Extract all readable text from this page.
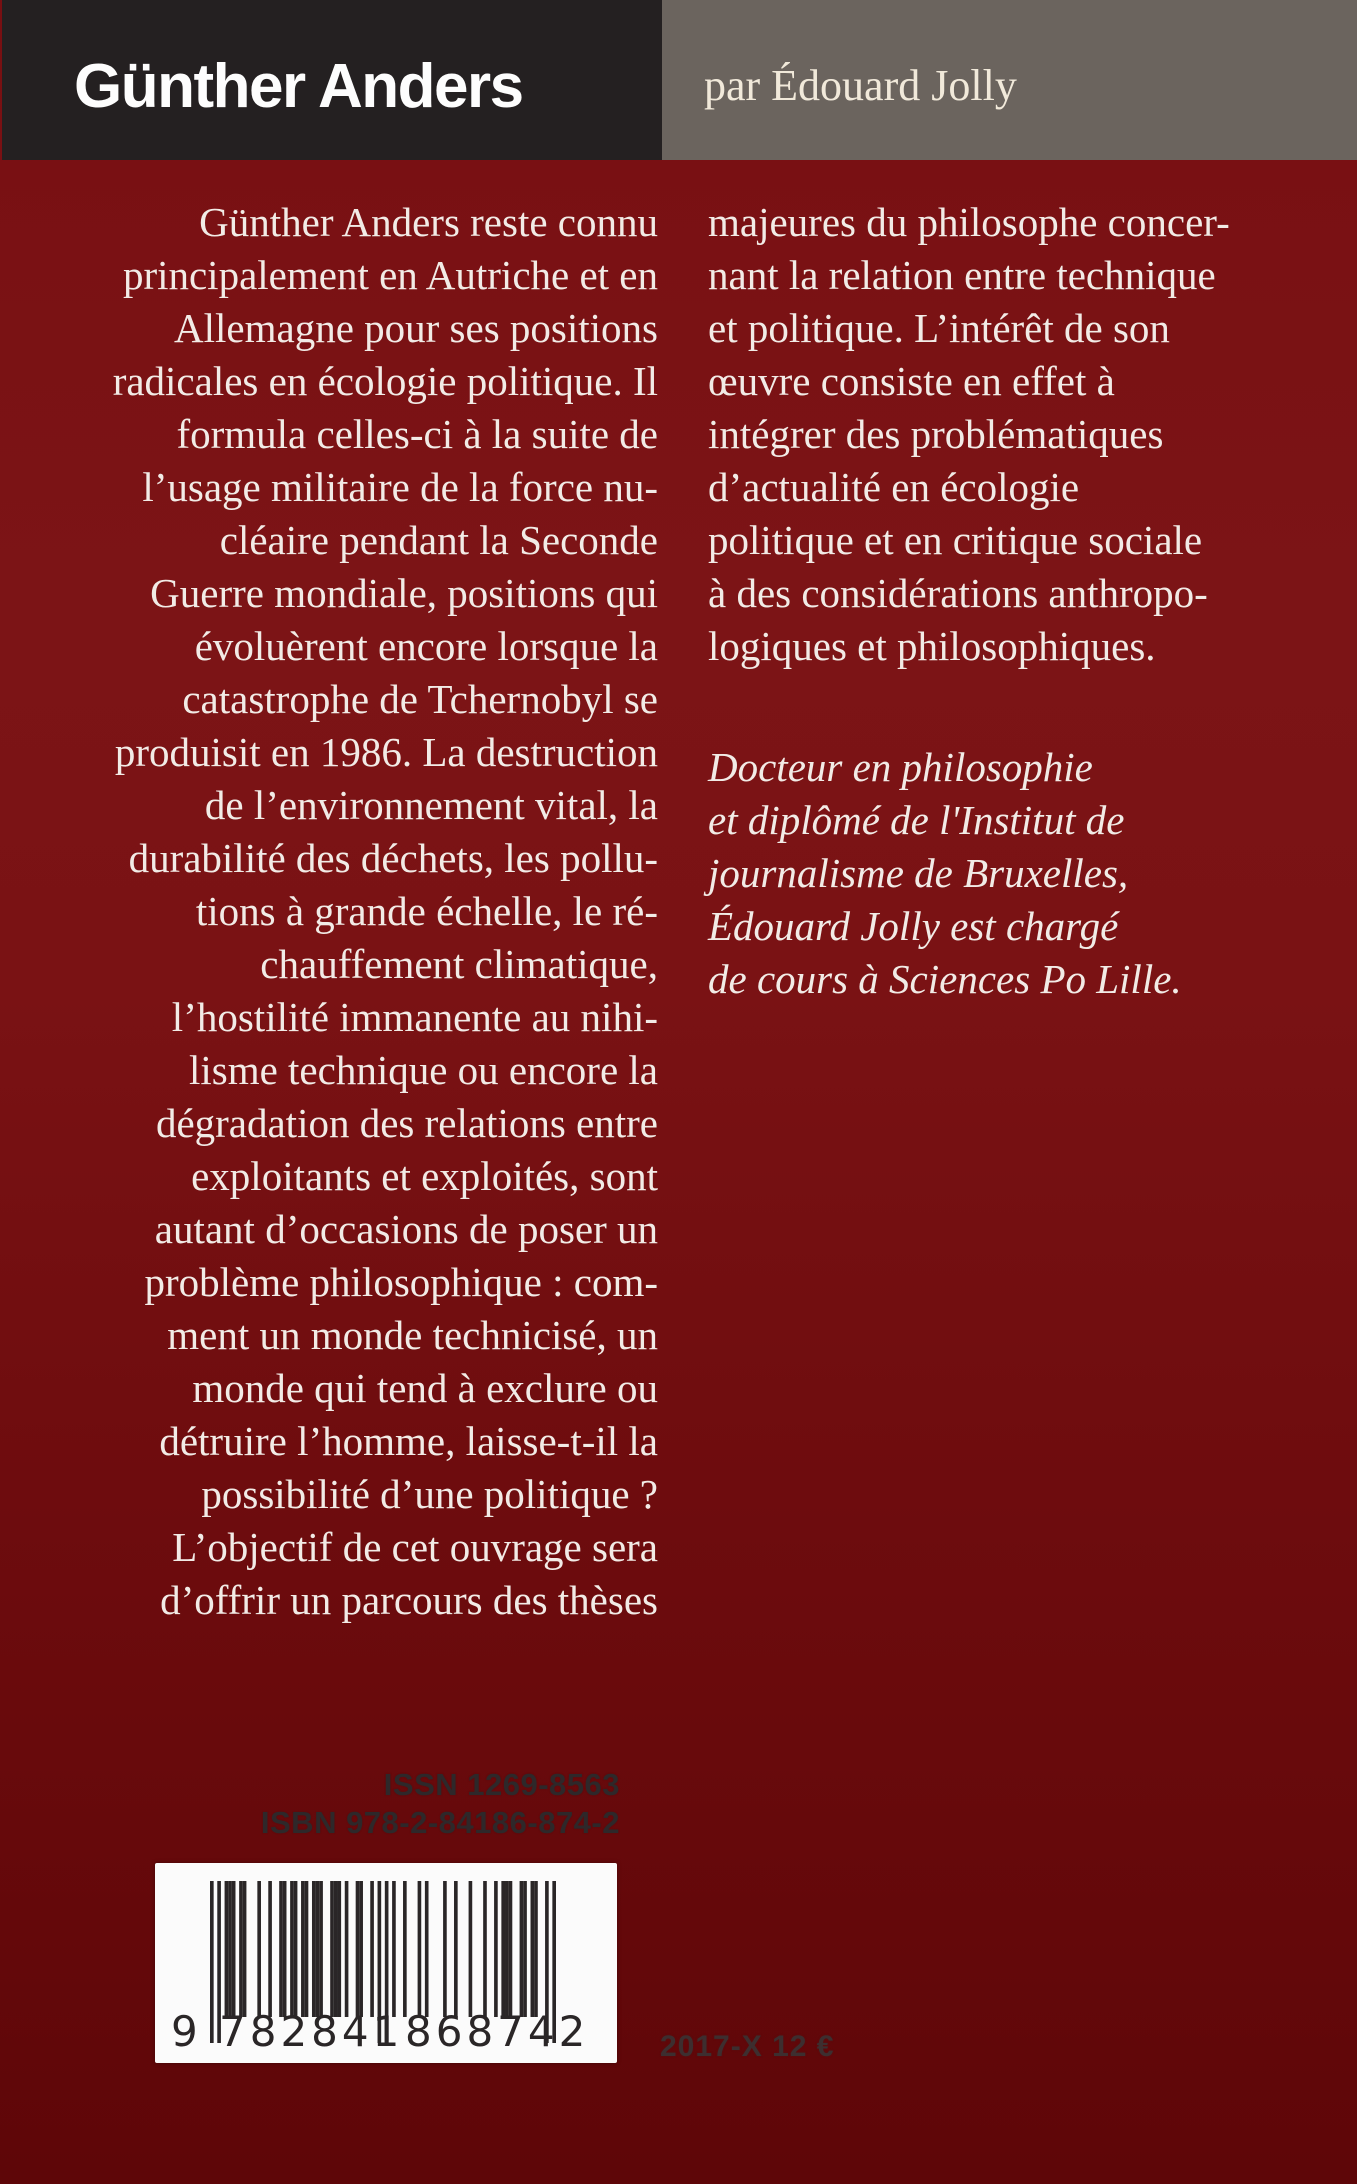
Günther Anders	par Édouard Jolly
Günther Anders reste connu
principalement en Autriche et en
Allemagne pour ses positions
radicales en écologie politique. Il
formula celles-ci à la suite de
l’usage militaire de la force nu-
cléaire pendant la Seconde
Guerre mondiale, positions qui
évoluèrent encore lorsque la
catastrophe de Tchernobyl se
produisit en 1986. La destruction
de l’environnement vital, la
durabilité des déchets, les pollu-
tions à grande échelle, le ré-
chauffement climatique,
l’hostilité immanente au nihi-
lisme technique ou encore la
dégradation des relations entre
exploitants et exploités, sont
autant d’occasions de poser un
problème philosophique : com-
ment un monde technicisé, un
monde qui tend à exclure ou
détruire l’homme, laisse-t-il la
possibilité d’une politique ?
L’objectif de cet ouvrage sera
d’offrir un parcours des thèses
majeures du philosophe concer-
nant la relation entre technique
et politique. L’intérêt de son
œuvre consiste en effet à
intégrer des problématiques
d’actualité en écologie
politique et en critique sociale
à des considérations anthropo-
logiques et philosophiques.
Docteur en philosophie
et diplômé de l'Institut de
journalisme de Bruxelles,
Édouard Jolly est chargé
de cours à Sciences Po Lille.
ISSN 1269-8563
ISBN 978-2-84186-874-2
9 782841 868742 2017-X 12 €
